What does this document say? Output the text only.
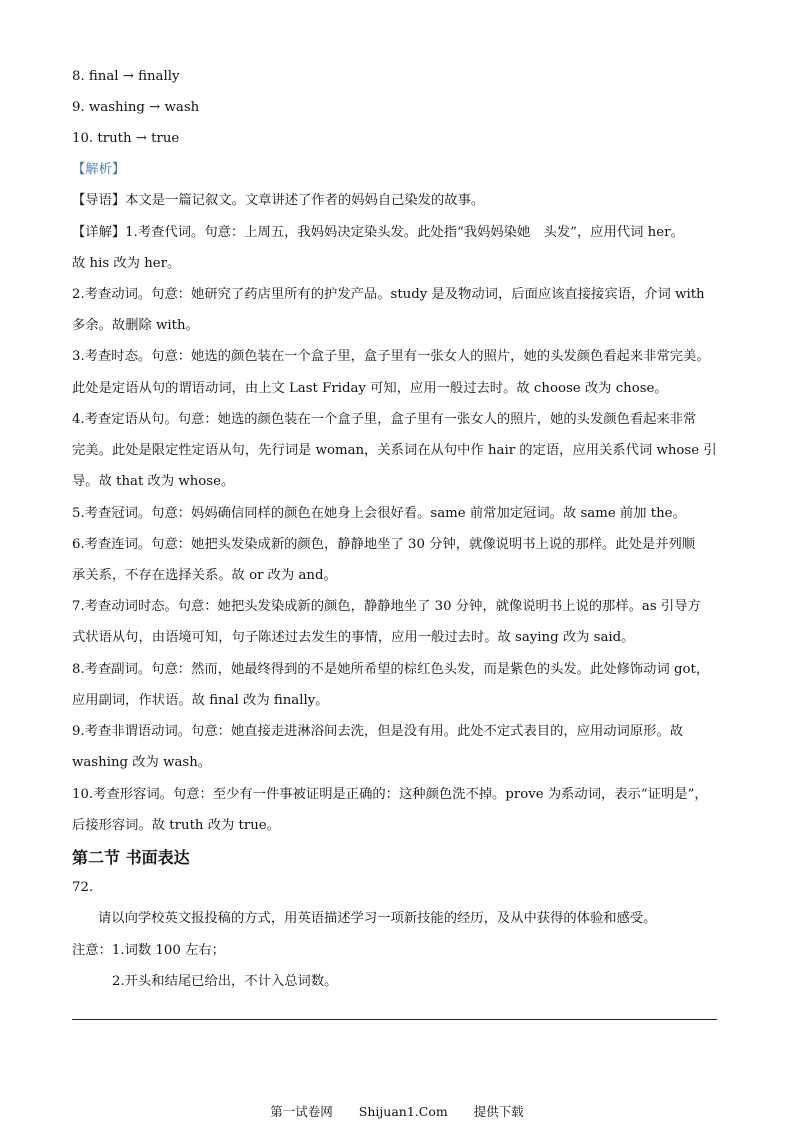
8. final → finally
9. washing → wash
10. truth → true
【解析】
【导语】本文是一篇记叙文。文章讲述了作者的妈妈自己染发的故事。
【详解】1.考查代词。句意：上周五，我妈妈决定染头发。此处指“我妈妈染她　头发”，应用代词 her。
故 his 改为 her。
2.考查动词。句意：她研究了药店里所有的护发产品。study 是及物动词，后面应该直接接宾语，介词 with
多余。故删除 with。
3.考查时态。句意：她选的颜色装在一个盒子里，盒子里有一张女人的照片，她的头发颜色看起来非常完美。
此处是定语从句的谓语动词，由上文 Last Friday 可知，应用一般过去时。故 choose 改为 chose。
4.考查定语从句。句意：她选的颜色装在一个盒子里，盒子里有一张女人的照片，她的头发颜色看起来非常
完美。此处是限定性定语从句，先行词是 woman，关系词在从句中作 hair 的定语，应用关系代词 whose 引
导。故 that 改为 whose。
5.考查冠词。句意：妈妈确信同样的颜色在她身上会很好看。same 前常加定冠词。故 same 前加 the。
6.考查连词。句意：她把头发染成新的颜色，静静地坐了 30 分钟，就像说明书上说的那样。此处是并列顺
承关系，不存在选择关系。故 or 改为 and。
7.考查动词时态。句意：她把头发染成新的颜色，静静地坐了 30 分钟，就像说明书上说的那样。as 引导方
式状语从句，由语境可知，句子陈述过去发生的事情，应用一般过去时。故 saying 改为 said。
8.考查副词。句意：然而，她最终得到的不是她所希望的棕红色头发，而是紫色的头发。此处修饰动词 got，
应用副词，作状语。故 final 改为 finally。
9.考查非谓语动词。句意：她直接走进淋浴间去洗，但是没有用。此处不定式表目的，应用动词原形。故
washing 改为 wash。
10.考查形容词。句意：至少有一件事被证明是正确的：这种颜色洗不掉。prove 为系动词，表示“证明是”，
后接形容词。故 truth 改为 true。
第二节 书面表达
72.
请以向学校英文报投稿的方式，用英语描述学习一项新技能的经历，及从中获得的体验和感受。
注意：1.词数 100 左右；
2.开头和结尾已给出，不计入总词数。
第一试卷网 Shijuan1.Com 提供下载
